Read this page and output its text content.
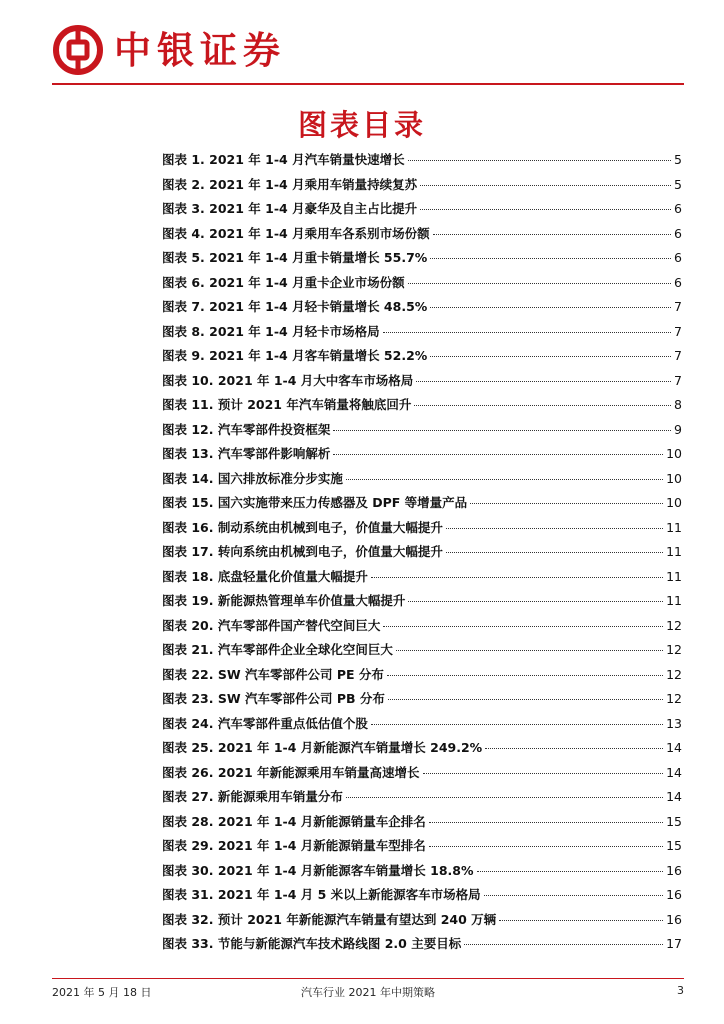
中银证券
图表目录
图表 1. 2021 年 1-4 月汽车销量快速增长	5
图表 2. 2021 年 1-4 月乘用车销量持续复苏	5
图表 3. 2021 年 1-4 月豪华及自主占比提升	6
图表 4. 2021 年 1-4 月乘用车各系别市场份额	6
图表 5. 2021 年 1-4 月重卡销量增长 55.7%	6
图表 6. 2021 年 1-4 月重卡企业市场份额	6
图表 7. 2021 年 1-4 月轻卡销量增长 48.5%	7
图表 8. 2021 年 1-4 月轻卡市场格局	7
图表 9. 2021 年 1-4 月客车销量增长 52.2%	7
图表 10. 2021 年 1-4 月大中客车市场格局	7
图表 11. 预计 2021 年汽车销量将触底回升	8
图表 12. 汽车零部件投资框架	9
图表 13. 汽车零部件影响解析	10
图表 14. 国六排放标准分步实施	10
图表 15. 国六实施带来压力传感器及 DPF 等增量产品	10
图表 16. 制动系统由机械到电子，价值量大幅提升	11
图表 17. 转向系统由机械到电子，价值量大幅提升	11
图表 18. 底盘轻量化价值量大幅提升	11
图表 19. 新能源热管理单车价值量大幅提升	11
图表 20. 汽车零部件国产替代空间巨大	12
图表 21. 汽车零部件企业全球化空间巨大	12
图表 22. SW 汽车零部件公司 PE 分布	12
图表 23. SW 汽车零部件公司 PB 分布	12
图表 24. 汽车零部件重点低估值个股	13
图表 25. 2021 年 1-4 月新能源汽车销量增长 249.2%	14
图表 26. 2021 年新能源乘用车销量高速增长	14
图表 27. 新能源乘用车销量分布	14
图表 28. 2021 年 1-4 月新能源销量车企排名	15
图表 29. 2021 年 1-4 月新能源销量车型排名	15
图表 30. 2021 年 1-4 月新能源客车销量增长 18.8%	16
图表 31. 2021 年 1-4 月 5 米以上新能源客车市场格局	16
图表 32. 预计 2021 年新能源汽车销量有望达到 240 万辆	16
图表 33. 节能与新能源汽车技术路线图 2.0 主要目标	17
2021 年 5 月 18 日	汽车行业 2021 年中期策略	3
